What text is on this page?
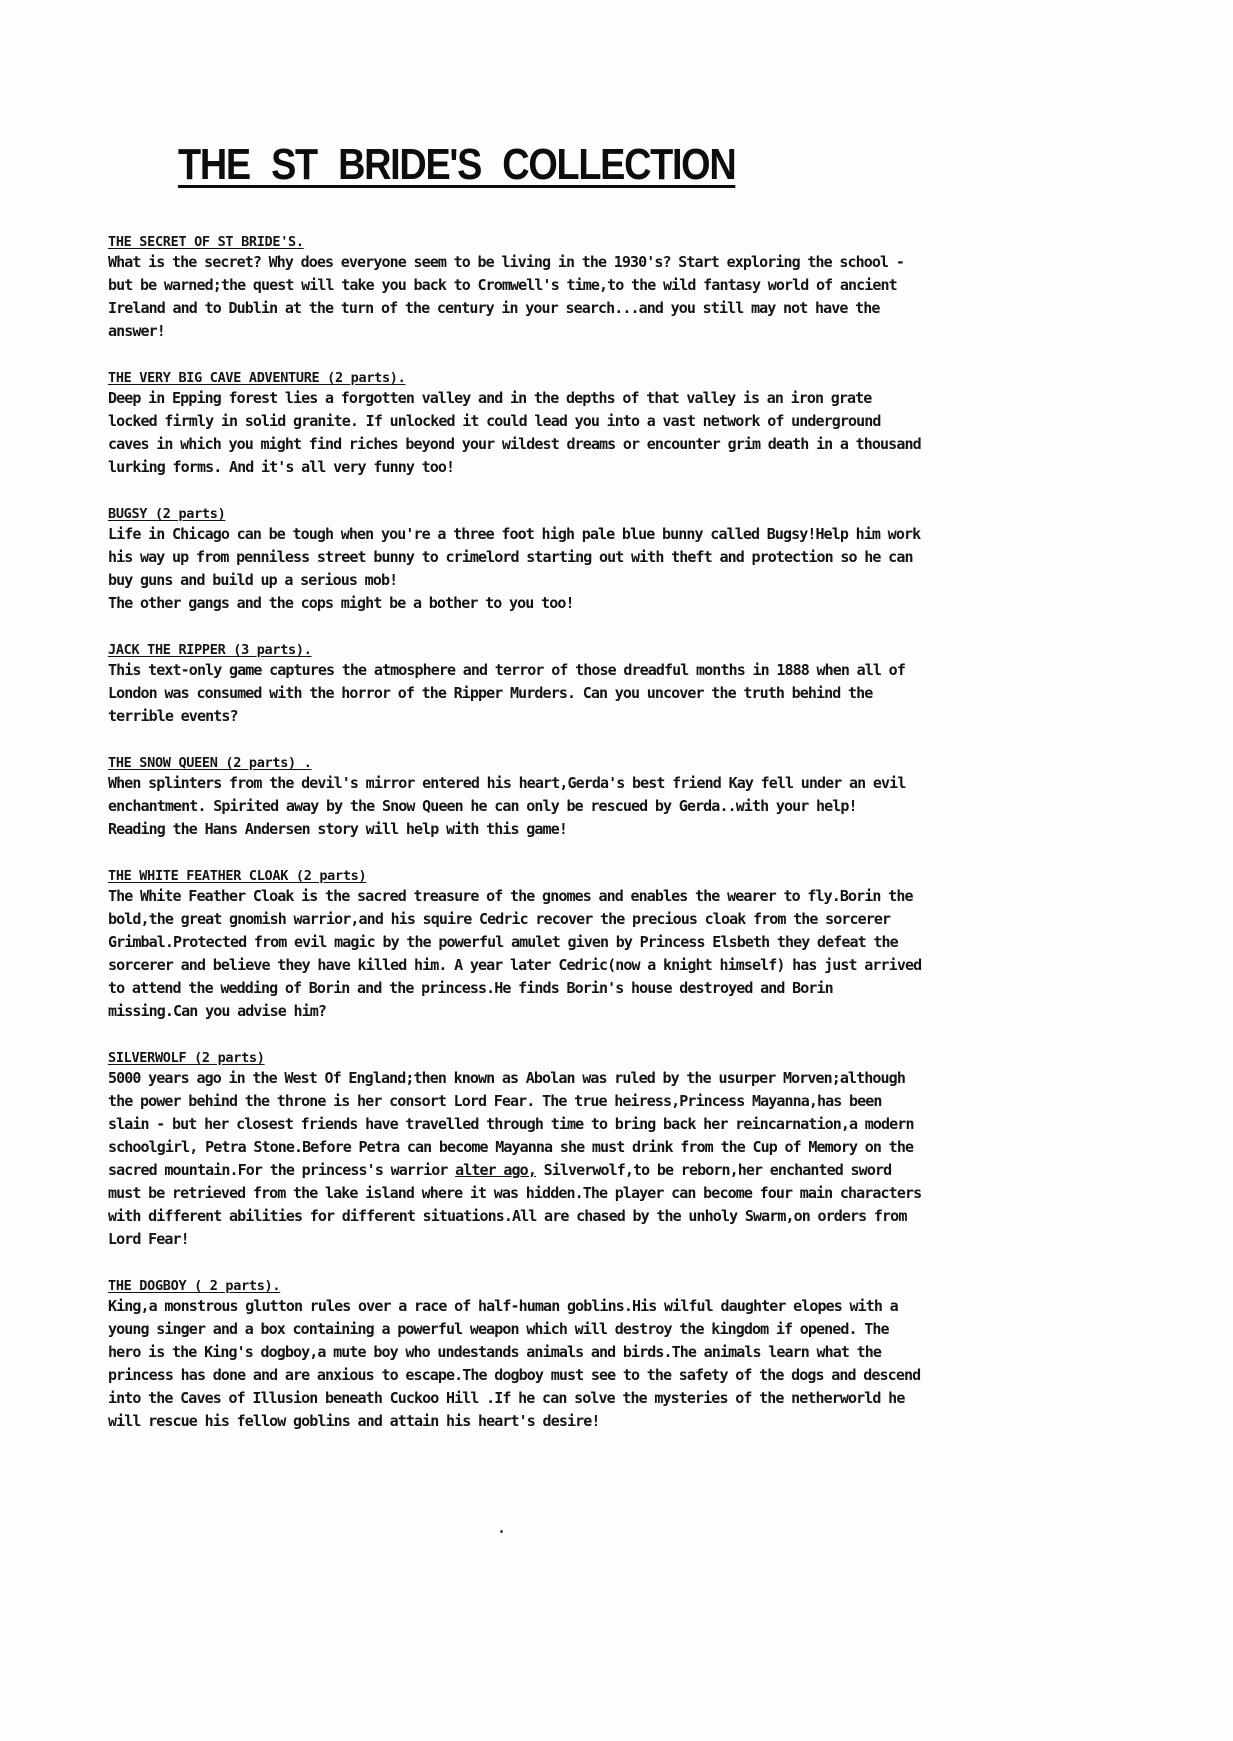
THE ST BRIDE'S COLLECTION
THE SECRET OF ST BRIDE'S.

What is the secret? Why does everyone seem to be living in the 1930's? Start exploring the school -
but be warned;the quest will take you back to Cromwell's time,to the wild fantasy world of ancient
Ireland and to Dublin at the turn of the century in your search...and you still may not have the
answer!

THE VERY BIG CAVE ADVENTURE (2 parts).

Deep in Epping forest lies a forgotten valley and in the depths of that valley is an iron grate
locked firmly in solid granite. If unlocked it could lead you into a vast network of underground
caves in which you might find riches beyond your wildest dreams or encounter grim death in a thousand
lurking forms. And it's all very funny too!

BUGSY (2 parts)

Life in Chicago can be tough when you're a three foot high pale blue bunny called Bugsy!Help him work
his way up from penniless street bunny to crimelord starting out with theft and protection so he can
buy guns and build up a serious mob!
The other gangs and the cops might be a bother to you too!

JACK THE RIPPER (3 parts).

This text-only game captures the atmosphere and terror of those dreadful months in 1888 when all of
London was consumed with the horror of the Ripper Murders. Can you uncover the truth behind the
terrible events?

THE SNOW QUEEN (2 parts) .

When splinters from the devil's mirror entered his heart,Gerda's best friend Kay fell under an evil
enchantment. Spirited away by the Snow Queen he can only be rescued by Gerda..with your help!
Reading the Hans Andersen story will help with this game!

THE WHITE FEATHER CLOAK (2 parts)

The White Feather Cloak is the sacred treasure of the gnomes and enables the wearer to fly.Borin the
bold,the great gnomish warrior,and his squire Cedric recover the precious cloak from the sorcerer
Grimbal.Protected from evil magic by the powerful amulet given by Princess Elsbeth they defeat the
sorcerer and believe they have killed him. A year later Cedric(now a knight himself) has just arrived
to attend the wedding of Borin and the princess.He finds Borin's house destroyed and Borin
missing.Can you advise him?

SILVERWOLF (2 parts)

5000 years ago in the West Of England;then known as Abolan was ruled by the usurper Morven;although
the power behind the throne is her consort Lord Fear. The true heiress,Princess Mayanna,has been
slain - but her closest friends have travelled through time to bring back her reincarnation,a modern
schoolgirl, Petra Stone.Before Petra can become Mayanna she must drink from the Cup of Memory on the
sacred mountain.For the princess's warrior alter ago, Silverwolf,to be reborn,her enchanted sword
must be retrieved from the lake island where it was hidden.The player can become four main characters
with different abilities for different situations.All are chased by the unholy Swarm,on orders from
Lord Fear!

THE DOGBOY ( 2 parts).

King,a monstrous glutton rules over a race of half-human goblins.His wilful daughter elopes with a
young singer and a box containing a powerful weapon which will destroy the kingdom if opened. The
hero is the King's dogboy,a mute boy who undestands animals and birds.The animals learn what the
princess has done and are anxious to escape.The dogboy must see to the safety of the dogs and descend
into the Caves of Illusion beneath Cuckoo Hill .If he can solve the mysteries of the netherworld he
will rescue his fellow goblins and attain his heart's desire!
